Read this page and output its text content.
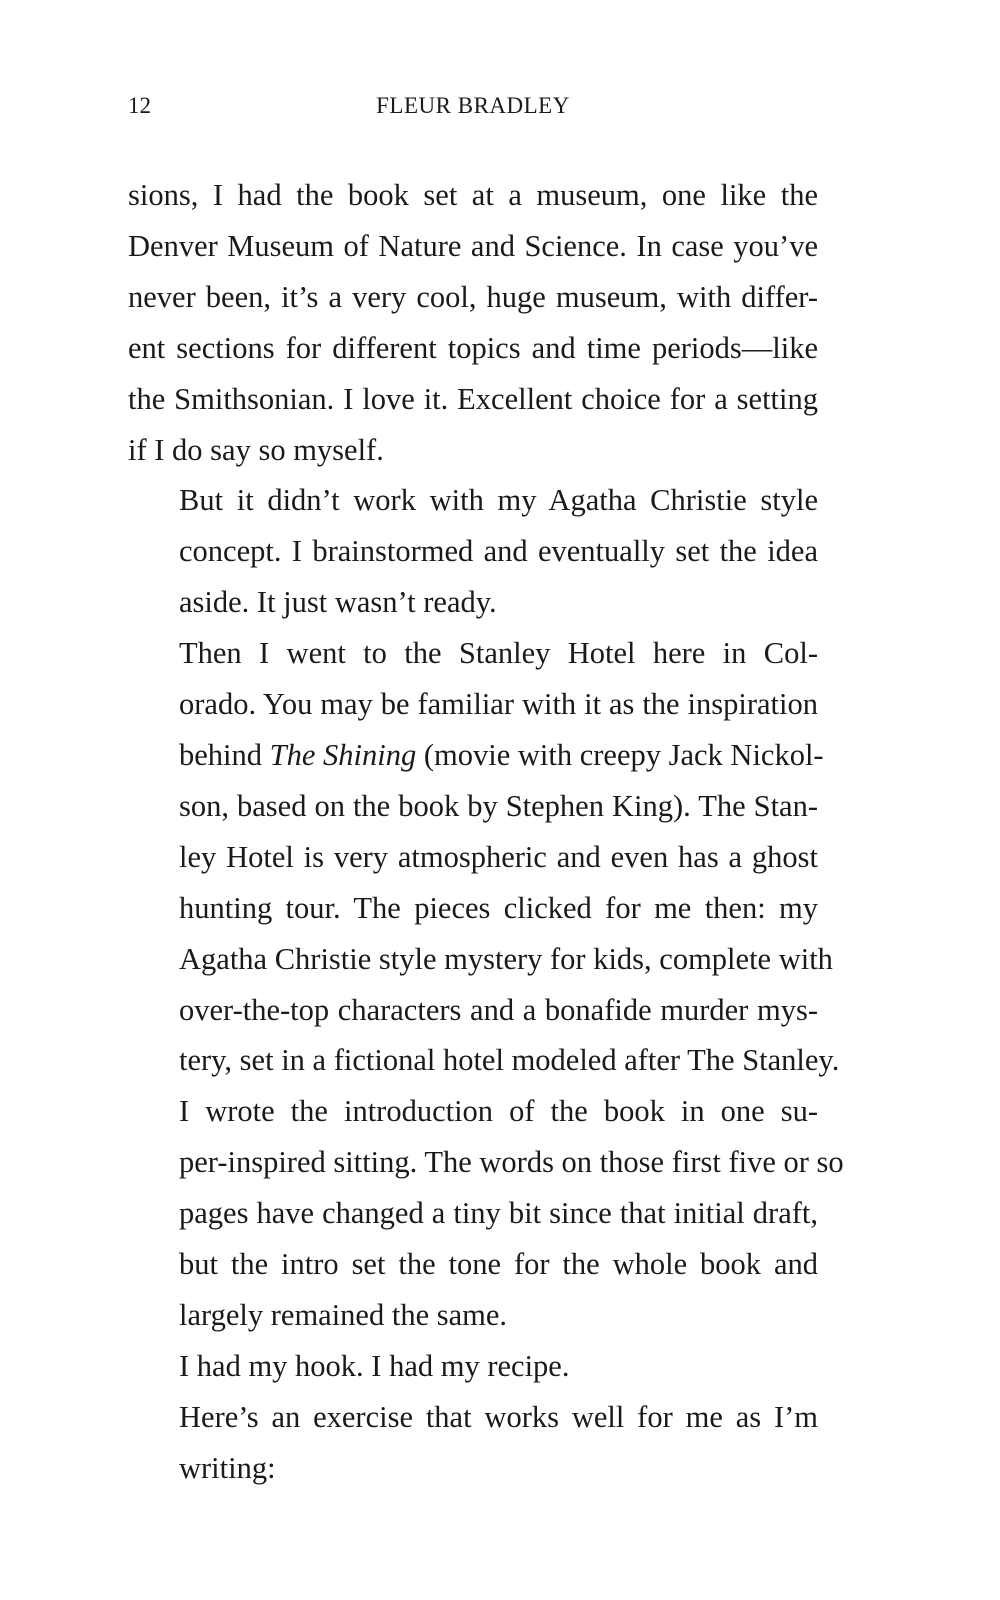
12	FLEUR BRADLEY

sions, I had the book set at a museum, one like the
Denver Museum of Nature and Science. In case you’ve
never been, it’s a very cool, huge museum, with differ-
ent sections for different topics and time periods—like
the Smithsonian. I love it. Excellent choice for a setting
if I do say so myself.

But it didn’t work with my Agatha Christie style
concept. I brainstormed and eventually set the idea
aside. It just wasn’t ready.

Then I went to the Stanley Hotel here in Col-
orado. You may be familiar with it as the inspiration
behind The Shining (movie with creepy Jack Nickol-
son, based on the book by Stephen King). The Stan-
ley Hotel is very atmospheric and even has a ghost
hunting tour. The pieces clicked for me then: my
Agatha Christie style mystery for kids, complete with
over-the-top characters and a bonafide murder mys-
tery, set in a fictional hotel modeled after The Stanley.

I wrote the introduction of the book in one su-
per-inspired sitting. The words on those first five or so
pages have changed a tiny bit since that initial draft,
but the intro set the tone for the whole book and
largely remained the same.

I had my hook. I had my recipe.

Here’s an exercise that works well for me as I’m
writing:
